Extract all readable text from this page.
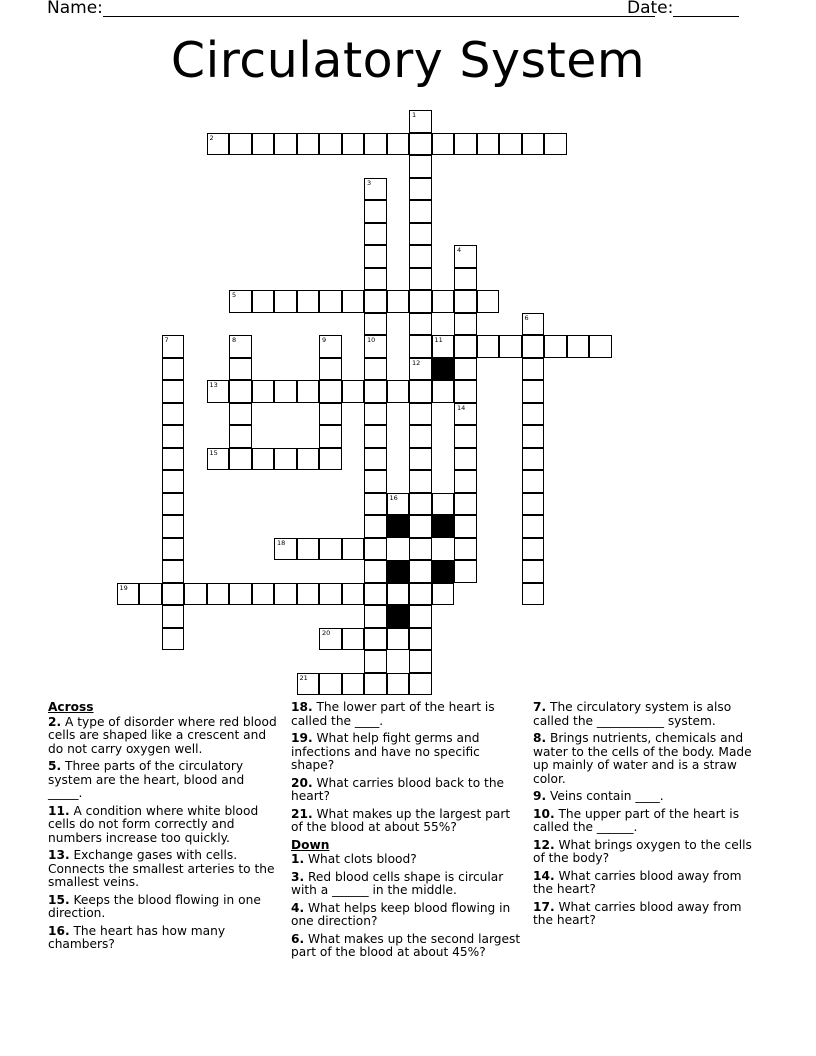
Name:	Date:
Circulatory System
2
5
11
13
15
16
18
19
20
21
1
12
3
10
4
14
6
7	8	9

Across

2. A type of disorder where red blood cells are shaped like a crescent and do not carry oxygen well.

5. Three parts of the circulatory system are the heart, blood and _____.

11. A condition where white blood cells do not form correctly and numbers increase too quickly.

13. Exchange gases with cells. Connects the smallest arteries to the smallest veins.

15. Keeps the blood flowing in one direction.

16. The heart has how many chambers?

18. The lower part of the heart is called the ____.

19. What help fight germs and infections and have no specific shape?

20. What carries blood back to the heart?

21. What makes up the largest part of the blood at about 55%?

Down

1. What clots blood?

3. Red blood cells shape is circular with a ______ in the middle.

4. What helps keep blood flowing in one direction?

6. What makes up the second largest part of the blood at about 45%?

7. The circulatory system is also called the ___________ system.

8. Brings nutrients, chemicals and water to the cells of the body. Made up mainly of water and is a straw color.

9. Veins contain ____.

10. The upper part of the heart is called the ______.

12. What brings oxygen to the cells of the body?

14. What carries blood away from the heart?

17. What carries blood away from the heart?
